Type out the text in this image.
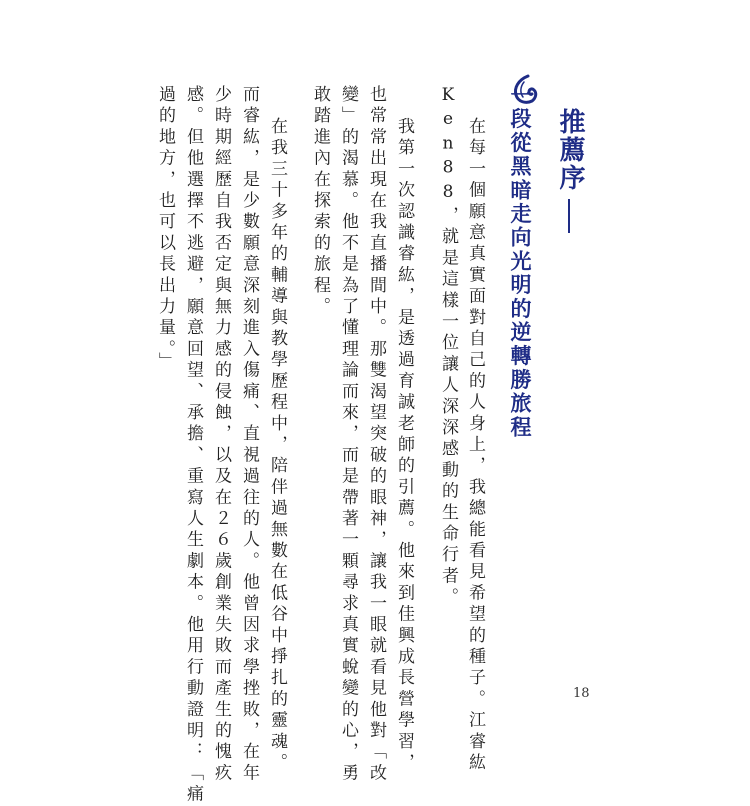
推薦序
一段從黑暗走向光明的逆轉勝旅程
在每一個願意真實面對自己的人身上，我總能看見希望的種子。江睿紘
Ken88，就是這樣一位讓人深深感動的生命行者。
我第一次認識睿紘，是透過育誠老師的引薦。他來到佳興成長營學習，
也常常出現在我直播間中。那雙渴望突破的眼神，讓我一眼就看見他對「改
變」的渴慕。他不是為了懂理論而來，而是帶著一顆尋求真實蛻變的心，勇
敢踏進內在探索的旅程。
在我三十多年的輔導與教學歷程中，陪伴過無數在低谷中掙扎的靈魂。
而睿紘，是少數願意深刻進入傷痛、直視過往的人。他曾因求學挫敗，在年
少時期經歷自我否定與無力感的侵蝕，以及在２６歲創業失敗而產生的愧疚
感。但他選擇不逃避，願意回望、承擔、重寫人生劇本。他用行動證明：「痛
過的地方，也可以長出力量。」
18
